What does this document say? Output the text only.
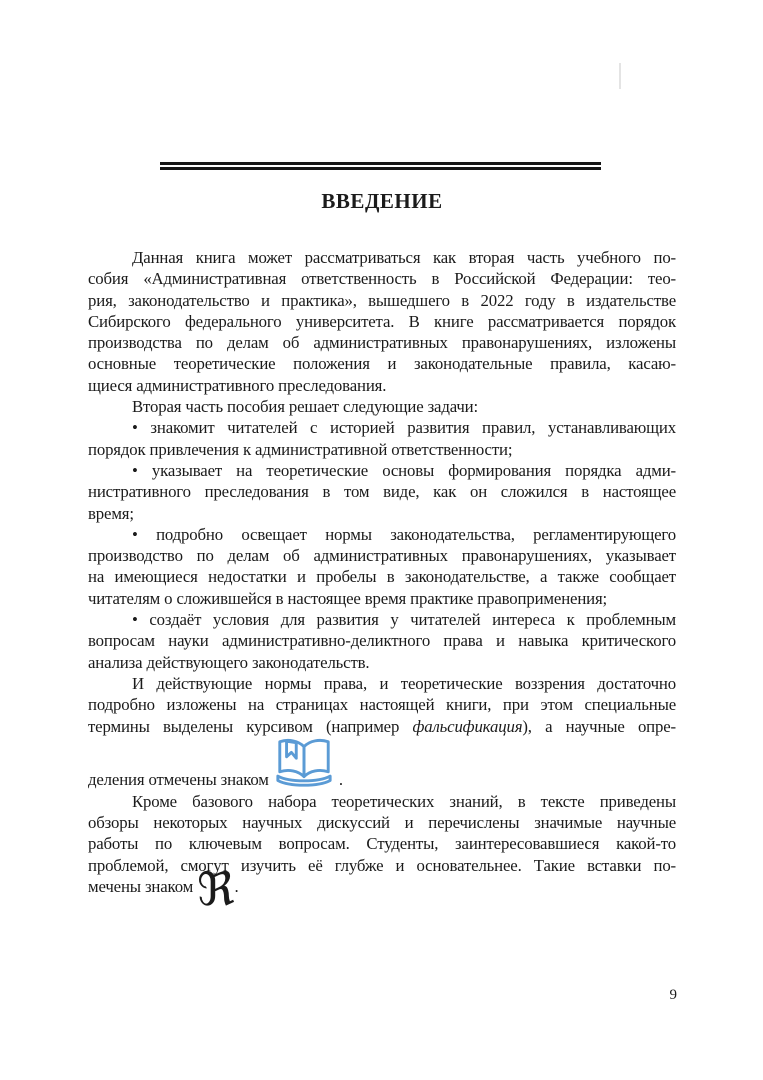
ВВЕДЕНИЕ
Данная книга может рассматриваться как вторая часть учебного по-
собия «Административная ответственность в Российской Федерации: тео-
рия, законодательство и практика», вышедшего в 2022 году в издательстве
Сибирского федерального университета. В книге рассматривается порядок
производства по делам об административных правонарушениях, изложены
основные теоретические положения и законодательные правила, касаю-
щиеся административного преследования.
Вторая часть пособия решает следующие задачи:
• знакомит читателей с историей развития правил, устанавливающих
порядок привлечения к административной ответственности;
• указывает на теоретические основы формирования порядка адми-
нистративного преследования в том виде, как он сложился в настоящее
время;
• подробно освещает нормы законодательства, регламентирующего
производство по делам об административных правонарушениях, указывает
на имеющиеся недостатки и пробелы в законодательстве, а также сообщает
читателям о сложившейся в настоящее время практике правоприменения;
• создаёт условия для развития у читателей интереса к проблемным
вопросам науки административно-деликтного права и навыка критического
анализа действующего законодательств.
И действующие нормы права, и теоретические воззрения достаточно
подробно изложены на страницах настоящей книги, при этом специальные
термины выделены курсивом (например фальсификация), а научные опре-
деления отмечены знаком	.
Кроме базового набора теоретических знаний, в тексте приведены
обзоры некоторых научных дискуссий и перечислены значимые научные
работы по ключевым вопросам. Студенты, заинтересовавшиеся какой-то
проблемой, смогут изучить её глубже и основательнее. Такие вставки по-
мечены знаком ℜ.
9
